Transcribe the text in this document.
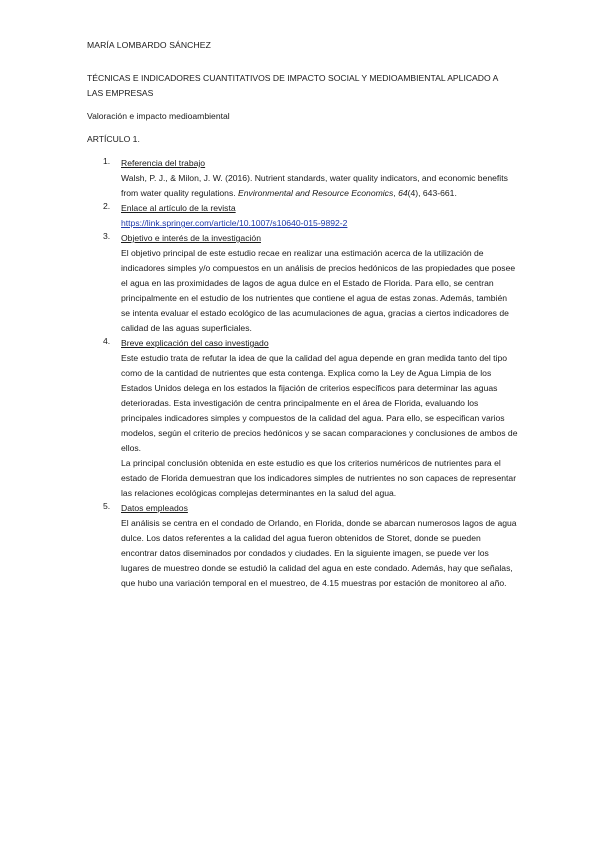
MARÍA LOMBARDO SÁNCHEZ
TÉCNICAS E INDICADORES CUANTITATIVOS DE IMPACTO SOCIAL Y MEDIOAMBIENTAL APLICADO A LAS EMPRESAS
Valoración e impacto medioambiental
ARTÍCULO 1.
1. Referencia del trabajo
Walsh, P. J., & Milon, J. W. (2016). Nutrient standards, water quality indicators, and economic benefits from water quality regulations. Environmental and Resource Economics, 64(4), 643-661.
2. Enlace al artículo de la revista
https://link.springer.com/article/10.1007/s10640-015-9892-2
3. Objetivo e interés de la investigación

El objetivo principal de este estudio recae en realizar una estimación acerca de la utilización de indicadores simples y/o compuestos en un análisis de precios hedónicos de las propiedades que posee el agua en las proximidades de lagos de agua dulce en el Estado de Florida. Para ello, se centran principalmente en el estudio de los nutrientes que contiene el agua de estas zonas. Además, también se intenta evaluar el estado ecológico de las acumulaciones de agua, gracias a ciertos indicadores de calidad de las aguas superficiales.

4. Breve explicación del caso investigado

Este estudio trata de refutar la idea de que la calidad del agua depende en gran medida tanto del tipo como de la cantidad de nutrientes que esta contenga. Explica como la Ley de Agua Limpia de los Estados Unidos delega en los estados la fijación de criterios específicos para determinar las aguas deterioradas. Esta investigación de centra principalmente en el área de Florida, evaluando los principales indicadores simples y compuestos de la calidad del agua. Para ello, se especifican varios modelos, según el criterio de precios hedónicos y se sacan comparaciones y conclusiones de ambos de ellos.

La principal conclusión obtenida en este estudio es que los criterios numéricos de nutrientes para el estado de Florida demuestran que los indicadores simples de nutrientes no son capaces de representar las relaciones ecológicas complejas determinantes en la salud del agua.

5. Datos empleados

El análisis se centra en el condado de Orlando, en Florida, donde se abarcan numerosos lagos de agua dulce. Los datos referentes a la calidad del agua fueron obtenidos de Storet, donde se pueden encontrar datos diseminados por condados y ciudades. En la siguiente imagen, se puede ver los lugares de muestreo donde se estudió la calidad del agua en este condado. Además, hay que señalas, que hubo una variación temporal en el muestreo, de 4.15 muestras por estación de monitoreo al año.
